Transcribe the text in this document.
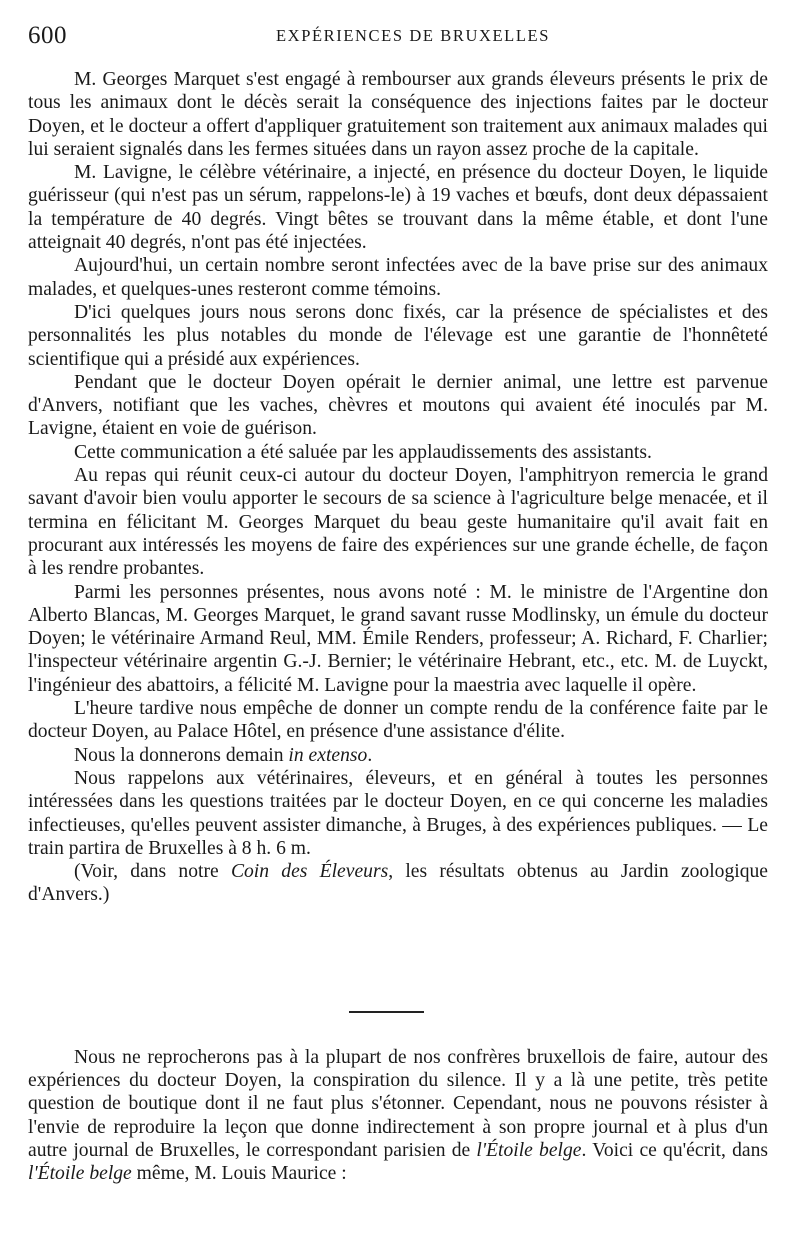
600	EXPÉRIENCES DE BRUXELLES

M. Georges Marquet s'est engagé à rembourser aux grands éleveurs présents le prix de tous les animaux dont le décès serait la conséquence des injections faites par le docteur Doyen, et le docteur a offert d'appliquer gratuitement son traitement aux animaux malades qui lui seraient signalés dans les fermes situées dans un rayon assez proche de la capitale.

M. Lavigne, le célèbre vétérinaire, a injecté, en présence du docteur Doyen, le liquide guérisseur (qui n'est pas un sérum, rappelons-le) à 19 vaches et bœufs, dont deux dépassaient la température de 40 degrés. Vingt bêtes se trouvant dans la même étable, et dont l'une atteignait 40 degrés, n'ont pas été injectées.

Aujourd'hui, un certain nombre seront infectées avec de la bave prise sur des animaux malades, et quelques-unes resteront comme témoins.

D'ici quelques jours nous serons donc fixés, car la présence de spécialistes et des personnalités les plus notables du monde de l'élevage est une garantie de l'honnêteté scientifique qui a présidé aux expériences.

Pendant que le docteur Doyen opérait le dernier animal, une lettre est parvenue d'Anvers, notifiant que les vaches, chèvres et moutons qui avaient été inoculés par M. Lavigne, étaient en voie de guérison.

Cette communication a été saluée par les applaudissements des assistants.

Au repas qui réunit ceux-ci autour du docteur Doyen, l'amphitryon remercia le grand savant d'avoir bien voulu apporter le secours de sa science à l'agriculture belge menacée, et il termina en félicitant M. Georges Marquet du beau geste humanitaire qu'il avait fait en procurant aux intéressés les moyens de faire des expériences sur une grande échelle, de façon à les rendre probantes.

Parmi les personnes présentes, nous avons noté : M. le ministre de l'Argentine don Alberto Blancas, M. Georges Marquet, le grand savant russe Modlinsky, un émule du docteur Doyen; le vétérinaire Armand Reul, MM. Émile Renders, professeur; A. Richard, F. Charlier; l'inspecteur vétérinaire argentin G.-J. Bernier; le vétérinaire Hebrant, etc., etc. M. de Luyckt, l'ingénieur des abattoirs, a félicité M. Lavigne pour la maestria avec laquelle il opère.

L'heure tardive nous empêche de donner un compte rendu de la conférence faite par le docteur Doyen, au Palace Hôtel, en présence d'une assistance d'élite.

Nous la donnerons demain in extenso.

Nous rappelons aux vétérinaires, éleveurs, et en général à toutes les personnes intéressées dans les questions traitées par le docteur Doyen, en ce qui concerne les maladies infectieuses, qu'elles peuvent assister dimanche, à Bruges, à des expériences publiques. — Le train partira de Bruxelles à 8 h. 6 m.

(Voir, dans notre Coin des Éleveurs, les résultats obtenus au Jardin zoologique d'Anvers.)

Nous ne reprocherons pas à la plupart de nos confrères bruxellois de faire, autour des expériences du docteur Doyen, la conspiration du silence. Il y a là une petite, très petite question de boutique dont il ne faut plus s'étonner. Cependant, nous ne pouvons résister à l'envie de reproduire la leçon que donne indirectement à son propre journal et à plus d'un autre journal de Bruxelles, le correspondant parisien de l'Étoile belge. Voici ce qu'écrit, dans l'Étoile belge même, M. Louis Maurice :
